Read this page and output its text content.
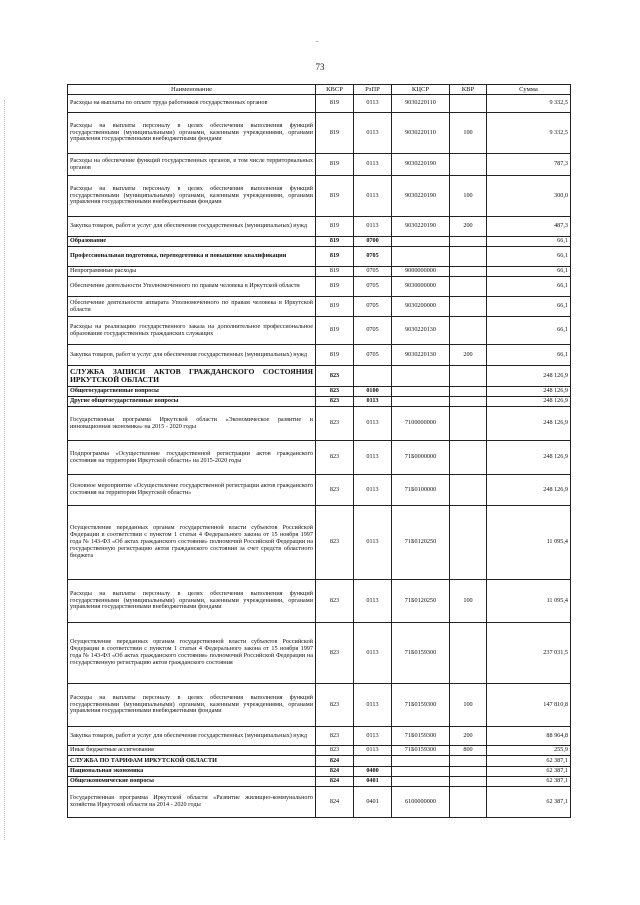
ˇ
73
Наименование	КВСР	РзПР	КЦСР	КВР	Сумма
Расходы на выплаты по оплате труда работников государственных органов	819	0113	9030220110		9 332,5
Расходы на выплаты персоналу в целях обеспечения выполнения функций государственными (муниципальными) органами, казенными учреждениями, органами управления государственными внебюджетными фондами	819	0113	9030220110	100	9 332,5
Расходы на обеспечение функций государственных органов, в том числе территориальных органов	819	0113	9030220190		787,3
Расходы на выплаты персоналу в целях обеспечения выполнения функций государственными (муниципальными) органами, казенными учреждениями, органами управления государственными внебюджетными фондами	819	0113	9030220190	100	300,0
Закупка товаров, работ и услуг для обеспечения государственных (муниципальных) нужд	819	0113	9030220190	200	487,3
Образование	819	0700			66,1
Профессиональная подготовка, переподготовка и повышение квалификации	819	0705			66,1
Непрограммные расходы	819	0705	9000000000		66,1
Обеспечение деятельности Уполномоченного по правам человека в Иркутской области	819	0705	9030000000		66,1
Обеспечение деятельности аппарата Уполномоченного по правам человека в Иркутской области	819	0705	9030200000		66,1
Расходы на реализацию государственного заказа на дополнительное профессиональное образование государственных гражданских служащих	819	0705	9030220130		66,1
Закупка товаров, работ и услуг для обеспечения государственных (муниципальных) нужд	819	0705	9030220130	200	66,1
СЛУЖБА ЗАПИСИ АКТОВ ГРАЖДАНСКОГО СОСТОЯНИЯ ИРКУТСКОЙ ОБЛАСТИ	823				248 126,9
Общегосударственные вопросы	823	0100			248 126,9
Другие общегосударственные вопросы	823	0113			248 126,9
Государственная программа Иркутской области «Экономическое развитие и инновационная экономика» на 2015 - 2020 годы	823	0113	7100000000		248 126,9
Подпрограмма «Осуществление государственной регистрации актов гражданского состояния на территории Иркутской области» на 2015-2020 годы	823	0113	71Б0000000		248 126,9
Основное мероприятие «Осуществление государственной регистрации актов гражданского состояния на территории Иркутской области»	823	0113	71Б0100000		248 126,9
Осуществление переданных органам государственной власти субъектов Российской Федерации в соответствии с пунктом 1 статьи 4 Федерального закона от 15 ноября 1997 года № 143-ФЗ «Об актах гражданского состояния» полномочий Российской Федерации на государственную регистрацию актов гражданского состояния за счет средств областного бюджета	823	0113	71Б0120250		11 095,4
Расходы на выплаты персоналу в целях обеспечения выполнения функций государственными (муниципальными) органами, казенными учреждениями, органами управления государственными внебюджетными фондами	823	0113	71Б0120250	100	11 095,4
Осуществление переданных органам государственной власти субъектов Российской Федерации в соответствии с пунктом 1 статьи 4 Федерального закона от 15 ноября 1997 года № 143-ФЗ «Об актах гражданского состояния» полномочий Российской Федерации на государственную регистрацию актов гражданского состояния	823	0113	71Б0159300		237 031,5
Расходы на выплаты персоналу в целях обеспечения выполнения функций государственными (муниципальными) органами, казенными учреждениями, органами управления государственными внебюджетными фондами	823	0113	71Б0159300	100	147 810,8
Закупка товаров, работ и услуг для обеспечения государственных (муниципальных) нужд	823	0113	71Б0159300	200	88 964,8
Иные бюджетные ассигнования	823	0113	71Б0159300	800	255,9
СЛУЖБА ПО ТАРИФАМ ИРКУТСКОЙ ОБЛАСТИ	824				62 387,1
Национальная экономика	824	0400			62 387,1
Общеэкономические вопросы	824	0401			62 387,1
Государственная программа Иркутской области «Развитие жилищно-коммунального хозяйства Иркутской области на 2014 - 2020 годы	824	0401	6100000000		62 387,1
